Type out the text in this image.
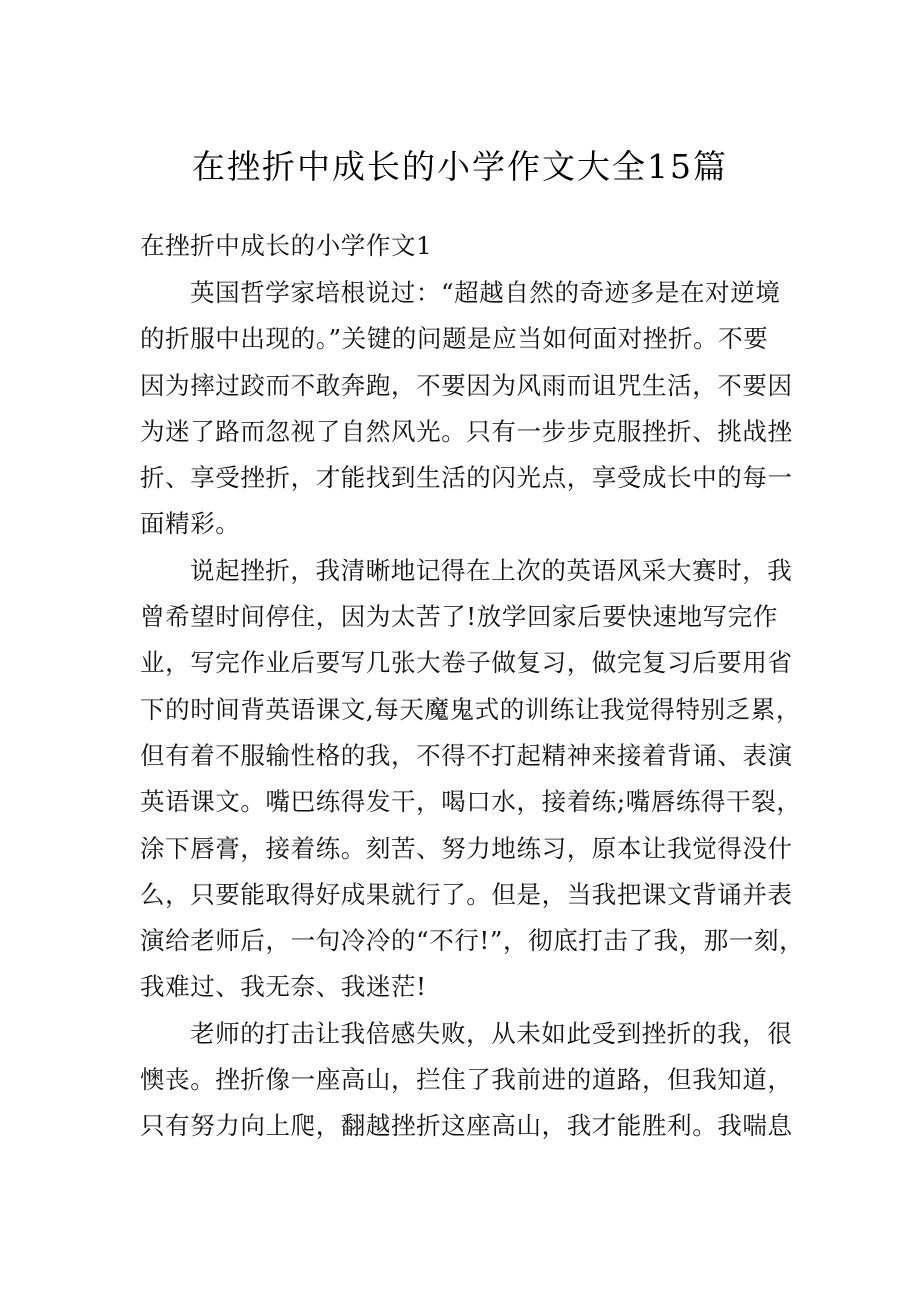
在挫折中成长的小学作文大全15篇
在挫折中成长的小学作文1
英国哲学家培根说过：“超越自然的奇迹多是在对逆境
的折服中出现的。”关键的问题是应当如何面对挫折。不要
因为摔过跤而不敢奔跑，不要因为风雨而诅咒生活，不要因
为迷了路而忽视了自然风光。只有一步步克服挫折、挑战挫
折、享受挫折，才能找到生活的闪光点，享受成长中的每一
面精彩。
说起挫折，我清晰地记得在上次的英语风采大赛时，我
曾希望时间停住，因为太苦了!放学回家后要快速地写完作
业，写完作业后要写几张大卷子做复习，做完复习后要用省
下的时间背英语课文,每天魔鬼式的训练让我觉得特别乏累，
但有着不服输性格的我，不得不打起精神来接着背诵、表演
英语课文。嘴巴练得发干，喝口水，接着练;嘴唇练得干裂，
涂下唇膏，接着练。刻苦、努力地练习，原本让我觉得没什
么，只要能取得好成果就行了。但是，当我把课文背诵并表
演给老师后，一句冷冷的“不行!”，彻底打击了我，那一刻，
我难过、我无奈、我迷茫!
老师的打击让我倍感失败，从未如此受到挫折的我，很
懊丧。挫折像一座高山，拦住了我前进的道路，但我知道，
只有努力向上爬，翻越挫折这座高山，我才能胜利。我喘息
